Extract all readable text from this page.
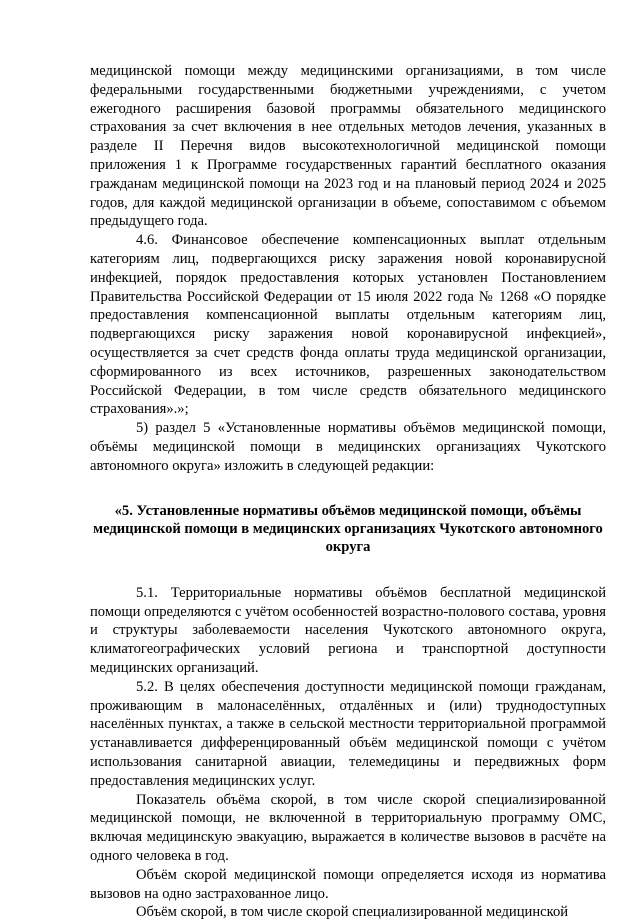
медицинской помощи между медицинскими организациями, в том числе федеральными государственными бюджетными учреждениями, с учетом ежегодного расширения базовой программы обязательного медицинского страхования за счет включения в нее отдельных методов лечения, указанных в разделе II Перечня видов высокотехнологичной медицинской помощи приложения 1 к Программе государственных гарантий бесплатного оказания гражданам медицинской помощи на 2023 год и на плановый период 2024 и 2025 годов, для каждой медицинской организации в объеме, сопоставимом с объемом предыдущего года.

4.6. Финансовое обеспечение компенсационных выплат отдельным категориям лиц, подвергающихся риску заражения новой коронавирусной инфекцией, порядок предоставления которых установлен Постановлением Правительства Российской Федерации от 15 июля 2022 года № 1268 «О порядке предоставления компенсационной выплаты отдельным категориям лиц, подвергающихся риску заражения новой коронавирусной инфекцией», осуществляется за счет средств фонда оплаты труда медицинской организации, сформированного из всех источников, разрешенных законодательством Российской Федерации, в том числе средств обязательного медицинского страхования».»;

5) раздел 5 «Установленные нормативы объёмов медицинской помощи, объёмы медицинской помощи в медицинских организациях Чукотского автономного округа» изложить в следующей редакции:

«5. Установленные нормативы объёмов медицинской помощи, объёмы медицинской помощи в медицинских организациях Чукотского автономного округа

5.1. Территориальные нормативы объёмов бесплатной медицинской помощи определяются с учётом особенностей возрастно-полового состава, уровня и структуры заболеваемости населения Чукотского автономного округа, климатогеографических условий региона и транспортной доступности медицинских организаций.

5.2. В целях обеспечения доступности медицинской помощи гражданам, проживающим в малонаселённых, отдалённых и (или) труднодоступных населённых пунктах, а также в сельской местности территориальной программой устанавливается дифференцированный объём медицинской помощи с учётом использования санитарной авиации, телемедицины и передвижных форм предоставления медицинских услуг.

Показатель объёма скорой, в том числе скорой специализированной медицинской помощи, не включенной в территориальную программу ОМС, включая медицинскую эвакуацию, выражается в количестве вызовов в расчёте на одного человека в год.

Объём скорой медицинской помощи определяется исходя из норматива вызовов на одно застрахованное лицо.

Объём скорой, в том числе скорой специализированной медицинской
